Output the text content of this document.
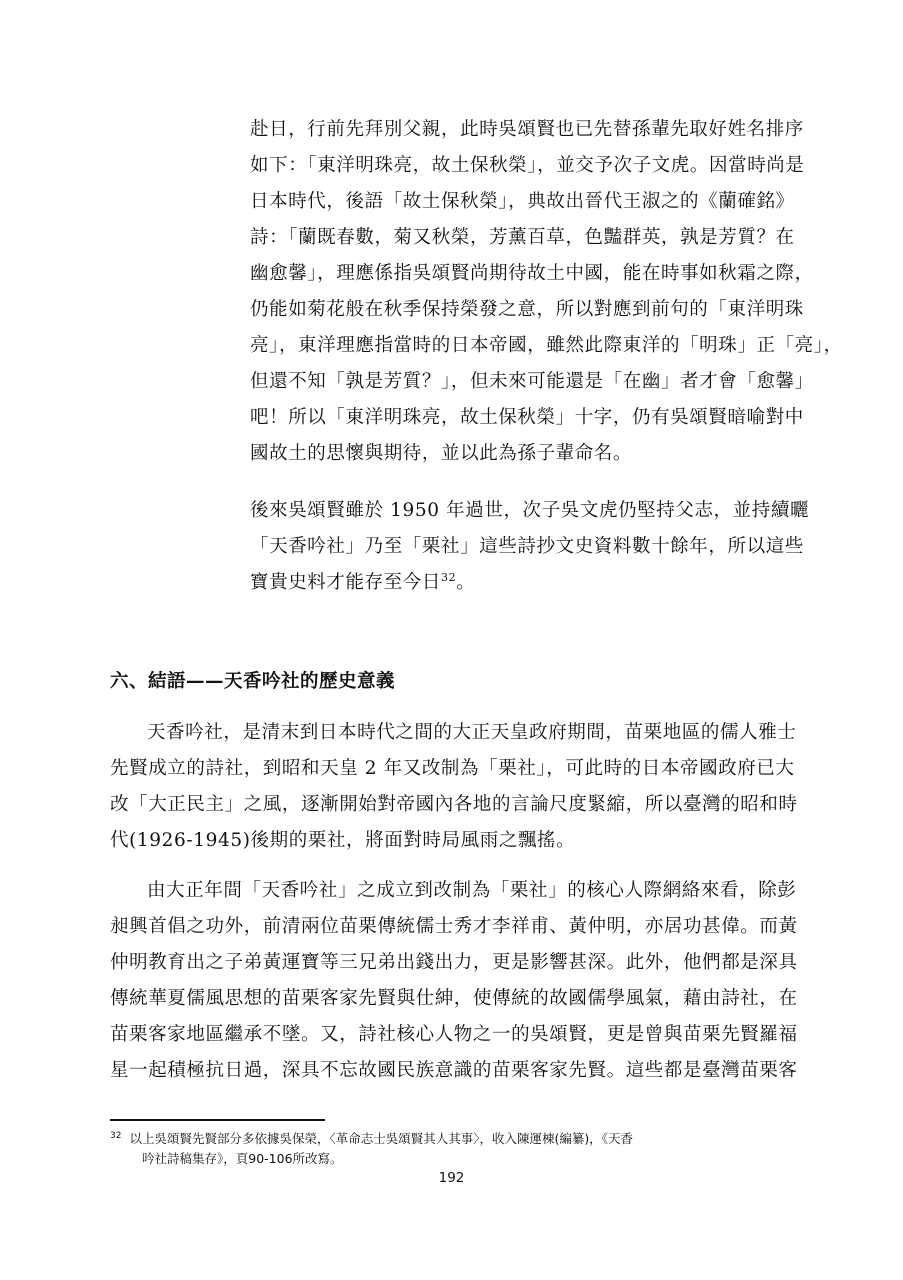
赴日，行前先拜別父親，此時吳頌賢也已先替孫輩先取好姓名排序
如下：「東洋明珠亮，故土保秋榮」，並交予次子文虎。因當時尚是
日本時代，後語「故土保秋榮」，典故出晉代王淑之的《蘭確銘》
詩：「蘭既春數，菊又秋榮，芳薰百草，色豔群英，孰是芳質？在
幽愈馨」，理應係指吳頌賢尚期待故土中國，能在時事如秋霜之際，
仍能如菊花般在秋季保持榮發之意，所以對應到前句的「東洋明珠
亮」，東洋理應指當時的日本帝國，雖然此際東洋的「明珠」正「亮」，
但還不知「孰是芳質？」，但未來可能還是「在幽」者才會「愈馨」
吧！所以「東洋明珠亮，故土保秋榮」十字，仍有吳頌賢暗喻對中
國故土的思懷與期待，並以此為孫子輩命名。
後來吳頌賢雖於 1950 年過世，次子吳文虎仍堅持父志，並持續曬
「天香吟社」乃至「栗社」這些詩抄文史資料數十餘年，所以這些
寶貴史料才能存至今日$^{32}$。
六、結語——天香吟社的歷史意義
天香吟社，是清末到日本時代之間的大正天皇政府期間，苗栗地區的儒人雅士
先賢成立的詩社，到昭和天皇 2 年又改制為「栗社」，可此時的日本帝國政府已大
改「大正民主」之風，逐漸開始對帝國內各地的言論尺度緊縮，所以臺灣的昭和時
代(1926-1945)後期的栗社，將面對時局風雨之飄搖。
由大正年間「天香吟社」之成立到改制為「栗社」的核心人際網絡來看，除彭
昶興首倡之功外，前清兩位苗栗傳統儒士秀才李祥甫、黃仲明，亦居功甚偉。而黃
仲明教育出之子弟黃運寶等三兄弟出錢出力，更是影響甚深。此外，他們都是深具
傳統華夏儒風思想的苗栗客家先賢與仕紳，使傳統的故國儒學風氣，藉由詩社，在
苗栗客家地區繼承不墜。又，詩社核心人物之一的吳頌賢，更是曾與苗栗先賢羅福
星一起積極抗日過，深具不忘故國民族意識的苗栗客家先賢。這些都是臺灣苗栗客
$^{32}$ 以上吳頌賢先賢部分多依據吳保榮，〈革命志士吳頌賢其人其事〉，收入陳運棟(編纂)，《天香
吟社詩稿集存》，頁90-106所改寫。
192
